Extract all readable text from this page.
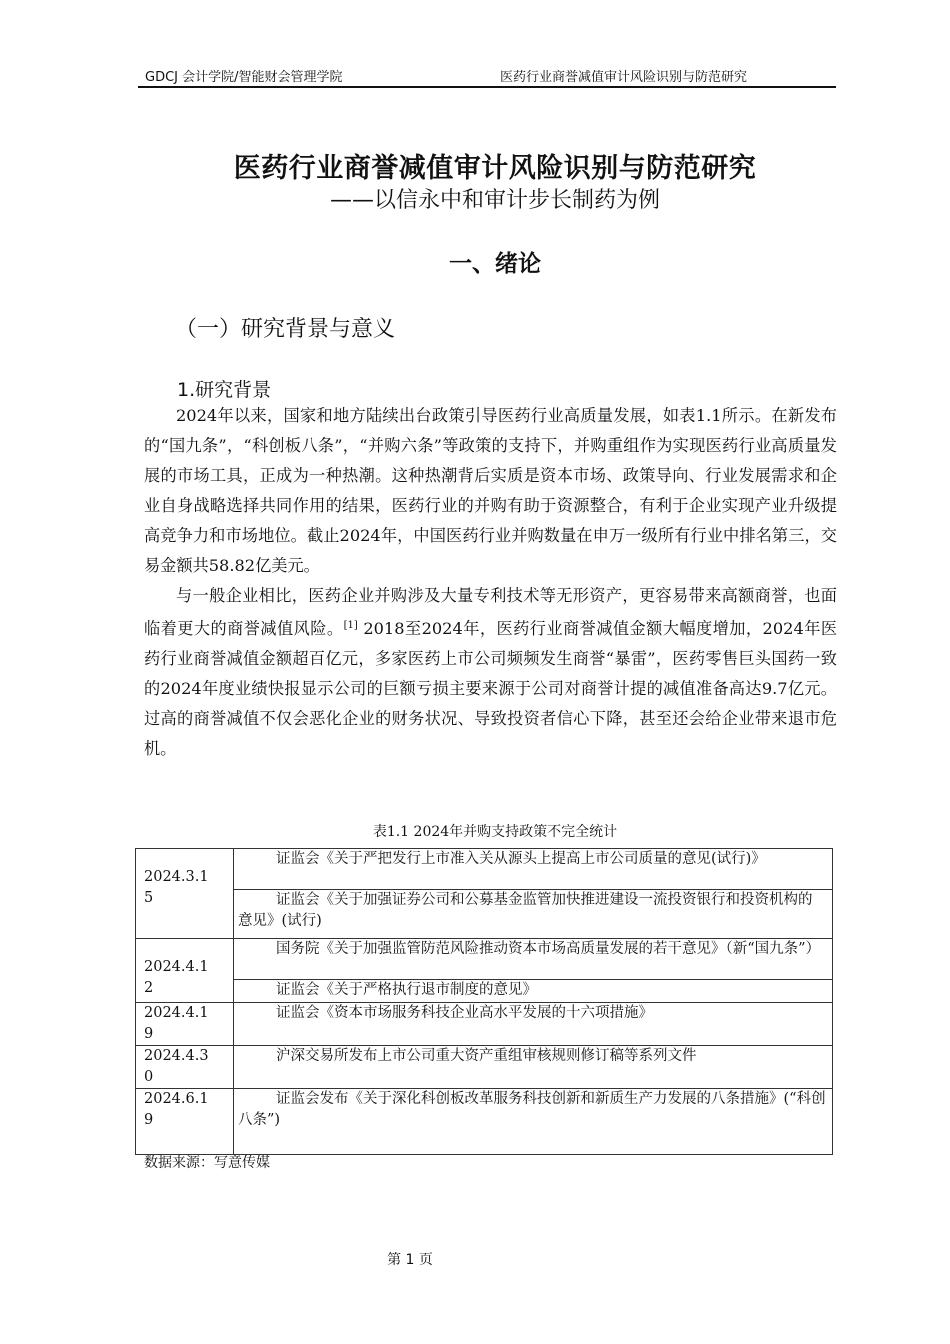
GDCJ 会计学院/智能财会管理学院	医药行业商誉减值审计风险识别与防范研究
医药行业商誉减值审计风险识别与防范研究
——以信永中和审计步长制药为例
一、绪论
（一）研究背景与意义
1.研究背景

2024年以来，国家和地方陆续出台政策引导医药行业高质量发展，如表1.1所示。在新发布的“国九条”，“科创板八条”，“并购六条”等政策的支持下，并购重组作为实现医药行业高质量发展的市场工具，正成为一种热潮。这种热潮背后实质是资本市场、政策导向、行业发展需求和企业自身战略选择共同作用的结果，医药行业的并购有助于资源整合，有利于企业实现产业升级提高竞争力和市场地位。截止2024年，中国医药行业并购数量在申万一级所有行业中排名第三，交易金额共58.82亿美元。

与一般企业相比，医药企业并购涉及大量专利技术等无形资产，更容易带来高额商誉，也面临着更大的商誉减值风险。[1] 2018至2024年，医药行业商誉减值金额大幅度增加，2024年医药行业商誉减值金额超百亿元，多家医药上市公司频频发生商誉“暴雷”，医药零售巨头国药一致的2024年度业绩快报显示公司的巨额亏损主要来源于公司对商誉计提的减值准备高达9.7亿元。过高的商誉减值不仅会恶化企业的财务状况、导致投资者信心下降，甚至还会给企业带来退市危机。

表1.1 2024年并购支持政策不完全统计
2024.3.1
5	证监会《关于严把发行上市准入关从源头上提高上市公司质量的意见(试行)》
	证监会《关于加强证券公司和公募基金监管加快推进建设一流投资银行和投资机构的意见》(试行)

2024.4.1
2	国务院《关于加强监管防范风险推动资本市场高质量发展的若干意见》（新“国九条”）
	证监会《关于严格执行退市制度的意见》

2024.4.1
9	证监会《资本市场服务科技企业高水平发展的十六项措施》

2024.4.3
0	沪深交易所发布上市公司重大资产重组审核规则修订稿等系列文件

2024.6.1
9	证监会发布《关于深化科创板改革服务科技创新和新质生产力发展的八条措施》(“科创八条”)
数据来源：写意传媒
第 1 页
